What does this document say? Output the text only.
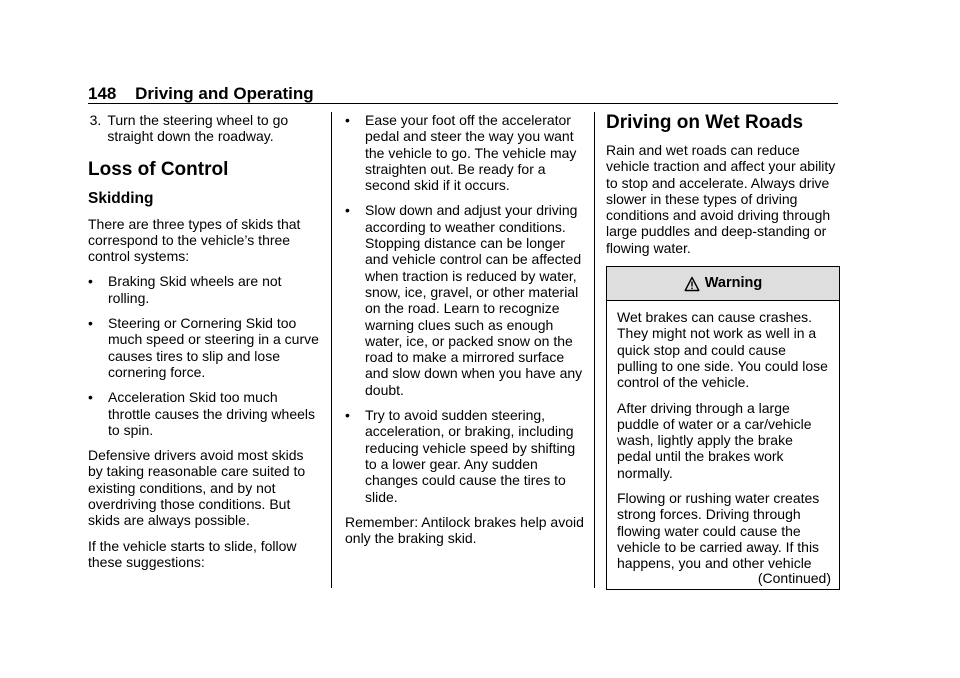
148 Driving and Operating
3. Turn the steering wheel to go straight down the roadway.
Loss of Control
Skidding

There are three types of skids that correspond to the vehicle’s three control systems:

•	Braking Skid wheels are not rolling.
•	Steering or Cornering Skid too much speed or steering in a curve causes tires to slip and lose cornering force.
•	Acceleration Skid too much throttle causes the driving wheels to spin.

Defensive drivers avoid most skids by taking reasonable care suited to existing conditions, and by not overdriving those conditions. But skids are always possible.

If the vehicle starts to slide, follow these suggestions:

•	Ease your foot off the accelerator pedal and steer the way you want the vehicle to go. The vehicle may straighten out. Be ready for a second skid if it occurs.
•	Slow down and adjust your driving according to weather conditions. Stopping distance can be longer and vehicle control can be affected when traction is reduced by water, snow, ice, gravel, or other material on the road. Learn to recognize warning clues such as enough water, ice, or packed snow on the road to make a mirrored surface and slow down when you have any doubt.
•	Try to avoid sudden steering, acceleration, or braking, including reducing vehicle speed by shifting to a lower gear. Any sudden changes could cause the tires to slide.

Remember: Antilock brakes help avoid only the braking skid.

Driving on Wet Roads

Rain and wet roads can reduce vehicle traction and affect your ability to stop and accelerate. Always drive slower in these types of driving conditions and avoid driving through large puddles and deep-standing or flowing water.

Warning

Wet brakes can cause crashes. They might not work as well in a quick stop and could cause pulling to one side. You could lose control of the vehicle.

After driving through a large puddle of water or a car/vehicle wash, lightly apply the brake pedal until the brakes work normally.

Flowing or rushing water creates strong forces. Driving through flowing water could cause the vehicle to be carried away. If this happens, you and other vehicle

(Continued)
